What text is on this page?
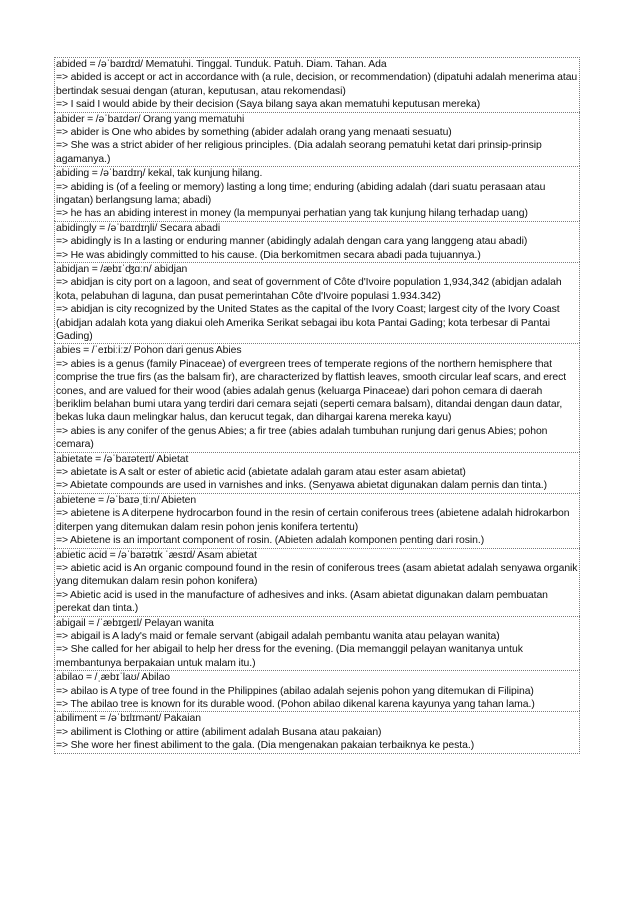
abided = /əˈbaɪdɪd/ Mematuhi. Tinggal. Tunduk. Patuh. Diam. Tahan. Ada
=> abided is accept or act in accordance with (a rule, decision, or recommendation) (dipatuhi adalah menerima atau bertindak sesuai dengan (aturan, keputusan, atau rekomendasi)
=> I said I would abide by their decision (Saya bilang saya akan mematuhi keputusan mereka)
abider = /əˈbaɪdər/ Orang yang mematuhi
=> abider is One who abides by something (abider adalah orang yang menaati sesuatu)
=> She was a strict abider of her religious principles. (Dia adalah seorang pematuhi ketat dari prinsip-prinsip agamanya.)
abiding = /əˈbaɪdɪŋ/ kekal, tak kunjung hilang.
=> abiding is (of a feeling or memory) lasting a long time; enduring (abiding adalah (dari suatu perasaan atau ingatan) berlangsung lama; abadi)
=> he has an abiding interest in money (la mempunyai perhatian yang tak kunjung hilang terhadap uang)
abidingly = /əˈbaɪdɪŋli/ Secara abadi
=> abidingly is In a lasting or enduring manner (abidingly adalah dengan cara yang langgeng atau abadi)
=> He was abidingly committed to his cause. (Dia berkomitmen secara abadi pada tujuannya.)
abidjan = /æbɪˈʤɑːn/ abidjan
=> abidjan is city port on a lagoon, and seat of government of Côte d'Ivoire population 1,934,342 (abidjan adalah kota, pelabuhan di laguna, dan pusat pemerintahan Côte d'Ivoire populasi 1.934.342)
=> abidjan is city recognized by the United States as the capital of the Ivory Coast; largest city of the Ivory Coast
(abidjan adalah kota yang diakui oleh Amerika Serikat sebagai ibu kota Pantai Gading; kota terbesar di Pantai Gading)
abies = /ˈeɪbiːiːz/ Pohon dari genus Abies
=> abies is a genus (family Pinaceae) of evergreen trees of temperate regions of the northern hemisphere that comprise the true firs (as the balsam fir), are characterized by flattish leaves, smooth circular leaf scars, and erect cones, and are valued for their wood (abies adalah genus (keluarga Pinaceae) dari pohon cemara di daerah beriklim belahan bumi utara yang terdiri dari cemara sejati (seperti cemara balsam), ditandai dengan daun datar, bekas luka daun melingkar halus, dan kerucut tegak, dan dihargai karena mereka kayu)
=> abies is any conifer of the genus Abies; a fir tree (abies adalah tumbuhan runjung dari genus Abies; pohon cemara)
abietate = /əˈbaɪəteɪt/ Abietat
=> abietate is A salt or ester of abietic acid (abietate adalah garam atau ester asam abietat)
=> Abietate compounds are used in varnishes and inks. (Senyawa abietat digunakan dalam pernis dan tinta.)
abietene = /əˈbaɪəˌtiːn/ Abieten
=> abietene is A diterpene hydrocarbon found in the resin of certain coniferous trees (abietene adalah hidrokarbon diterpen yang ditemukan dalam resin pohon jenis konifera tertentu)
=> Abietene is an important component of rosin. (Abieten adalah komponen penting dari rosin.)
abietic acid = /əˈbaɪətɪk ˈæsɪd/ Asam abietat
=> abietic acid is An organic compound found in the resin of coniferous trees (asam abietat adalah senyawa organik yang ditemukan dalam resin pohon konifera)
=> Abietic acid is used in the manufacture of adhesives and inks. (Asam abietat digunakan dalam pembuatan perekat dan tinta.)
abigail = /ˈæbɪgeɪl/ Pelayan wanita
=> abigail is A lady's maid or female servant (abigail adalah pembantu wanita atau pelayan wanita)
=> She called for her abigail to help her dress for the evening. (Dia memanggil pelayan wanitanya untuk membantunya berpakaian untuk malam itu.)
abilao = /ˌæbɪˈlaʊ/ Abilao
=> abilao is A type of tree found in the Philippines (abilao adalah sejenis pohon yang ditemukan di Filipina)
=> The abilao tree is known for its durable wood. (Pohon abilao dikenal karena kayunya yang tahan lama.)
abiliment = /əˈbɪlɪmənt/ Pakaian
=> abiliment is Clothing or attire (abiliment adalah Busana atau pakaian)
=> She wore her finest abiliment to the gala. (Dia mengenakan pakaian terbaiknya ke pesta.)
